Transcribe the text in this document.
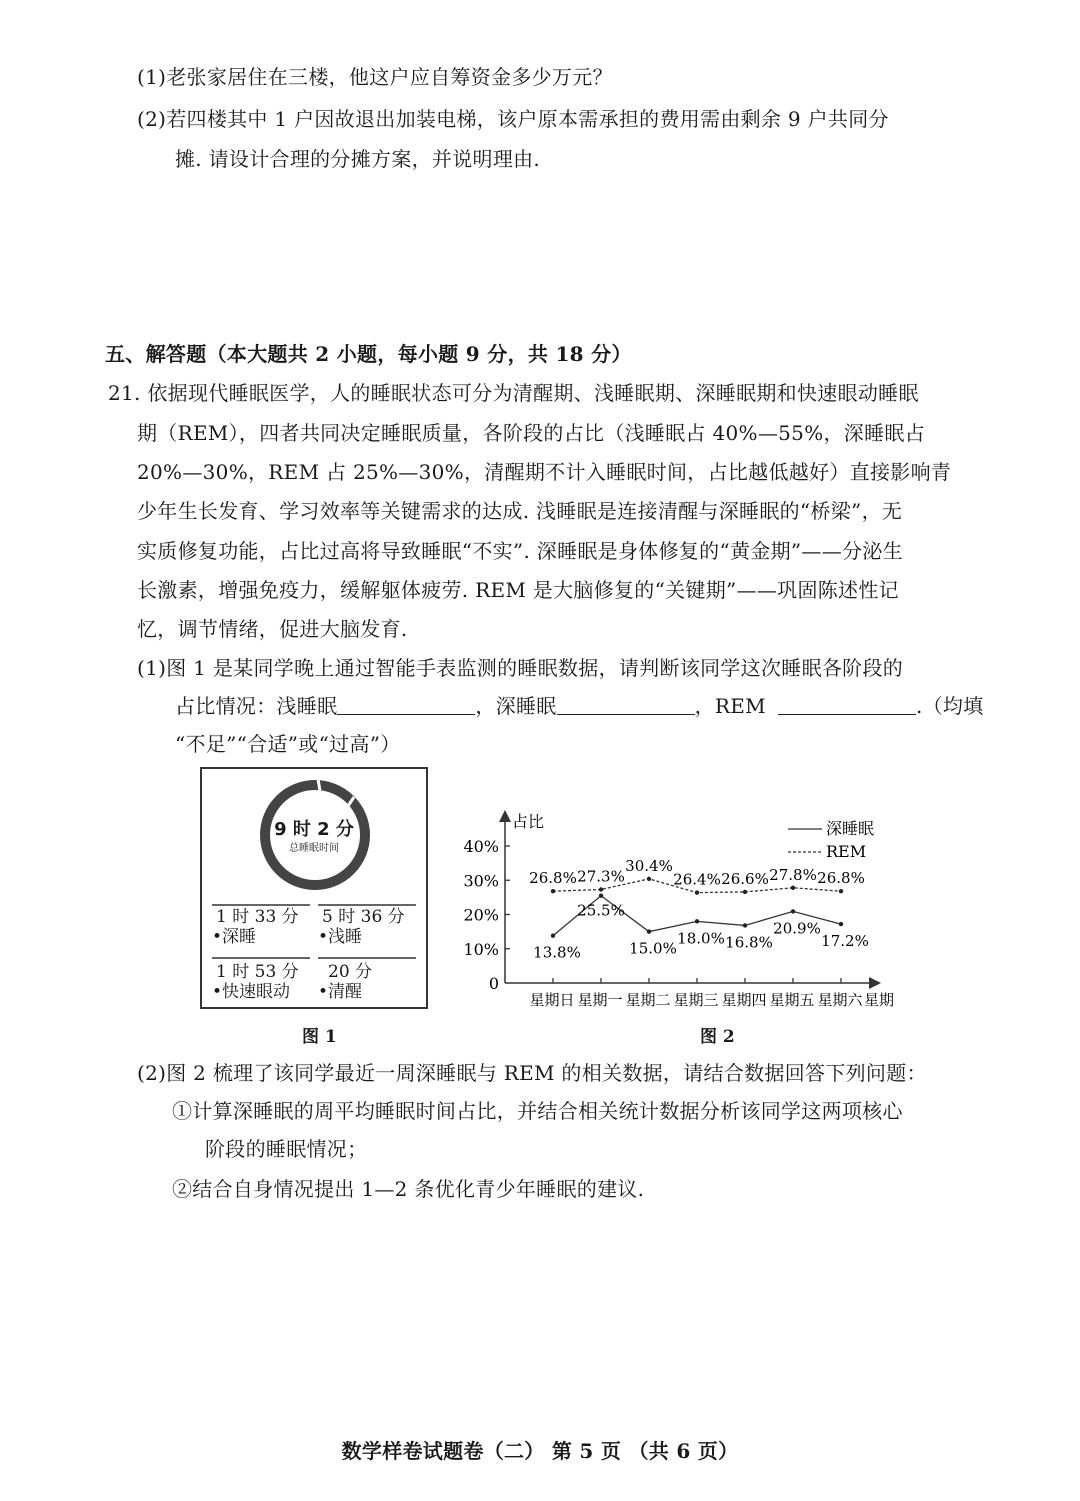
(1)老张家居住在三楼，他这户应自筹资金多少万元？
(2)若四楼其中 1 户因故退出加装电梯，该户原本需承担的费用需由剩余 9 户共同分
摊. 请设计合理的分摊方案，并说明理由.
五、解答题（本大题共 2 小题，每小题 9 分，共 18 分）
21. 依据现代睡眠医学，人的睡眠状态可分为清醒期、浅睡眠期、深睡眠期和快速眼动睡眠
期（REM），四者共同决定睡眠质量，各阶段的占比（浅睡眠占 40%—55%，深睡眠占
20%—30%，REM 占 25%—30%，清醒期不计入睡眠时间，占比越低越好）直接影响青
少年生长发育、学习效率等关键需求的达成. 浅睡眠是连接清醒与深睡眠的“桥梁”，无
实质修复功能，占比过高将导致睡眠“不实”. 深睡眠是身体修复的“黄金期”——分泌生
长激素，增强免疫力，缓解躯体疲劳. REM 是大脑修复的“关键期”——巩固陈述性记
忆，调节情绪，促进大脑发育.
(1)图 1 是某同学晚上通过智能手表监测的睡眠数据，请判断该同学这次睡眠各阶段的
占比情况：浅睡眠	，深睡眠	，REM	.（均填
“不足”“合适”或“过高”）
9 时 2 分
总睡眠时间
1 时 33 分
•深睡
5 时 36 分
•浅睡
1 时 53 分
•快速眼动
20 分
•清醒
图 1
占比
0
10%
20%
30%
40%
星期日 星期一 星期二 星期三 星期四 星期五 星期六 星期
13.8%
25.5%
15.0%
18.0% 16.8%
20.9%
17.2%
26.8% 27.3%
30.4%
26.4% 26.6% 27.8% 26.8%
深睡眠
REM
图 2
(2)图 2 梳理了该同学最近一周深睡眠与 REM 的相关数据，请结合数据回答下列问题：
①计算深睡眠的周平均睡眠时间占比，并结合相关统计数据分析该同学这两项核心
阶段的睡眠情况；
②结合自身情况提出 1—2 条优化青少年睡眠的建议.
数学样卷试题卷（二） 第 5 页 （共 6 页）
